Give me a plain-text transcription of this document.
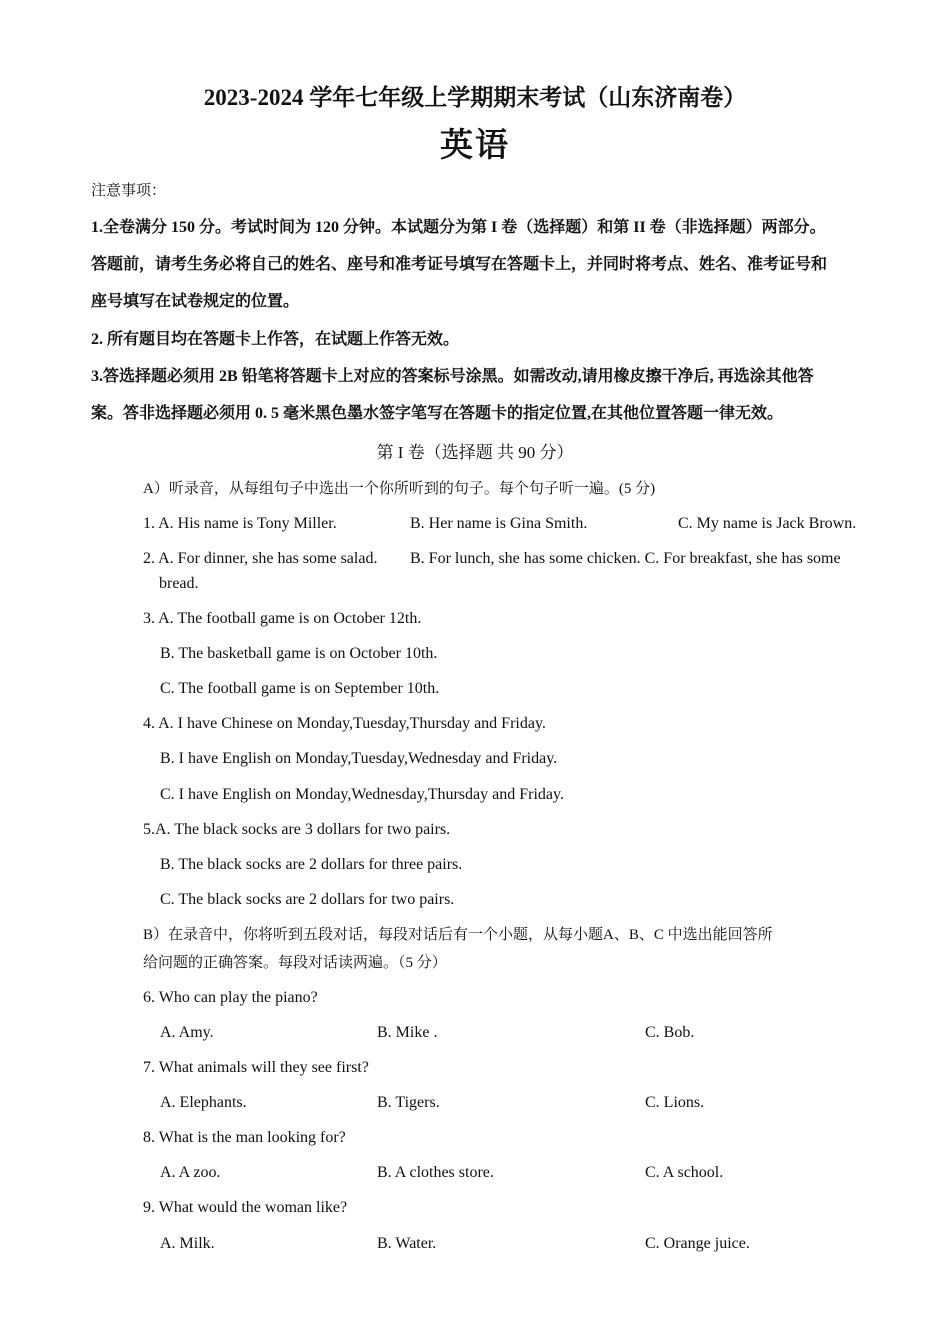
2023-2024 学年七年级上学期期末考试（山东济南卷）
英语
注意事项：
1.全卷满分 150 分。考试时间为 120 分钟。本试题分为第 I 卷（选择题）和第 II 卷（非选择题）两部分。
答题前，请考生务必将自己的姓名、座号和准考证号填写在答题卡上，并同时将考点、姓名、准考证号和
座号填写在试卷规定的位置。
2. 所有题目均在答题卡上作答，在试题上作答无效。
3.答选择题必须用 2B 铅笔将答题卡上对应的答案标号涂黑。如需改动,请用橡皮擦干净后, 再选涂其他答
案。答非选择题必须用 0. 5 毫米黑色墨水签字笔写在答题卡的指定位置,在其他位置答题一律无效。
第 I 卷（选择题 共 90 分）
A）听录音，从每组句子中选出一个你所听到的句子。每个句子听一遍。(5 分)
1. A. His name is Tony Miller.	B. Her name is Gina Smith.	C. My name is Jack Brown.
2. A. For dinner, she has some salad. B. For lunch, she has some chicken. C. For breakfast, she has some
bread.
3. A. The football game is on October 12th.
B. The basketball game is on October 10th.
C. The football game is on September 10th.
4. A. I have Chinese on Monday,Tuesday,Thursday and Friday.
B. I have English on Monday,Tuesday,Wednesday and Friday.
C. I have English on Monday,Wednesday,Thursday and Friday.
5.A. The black socks are 3 dollars for two pairs.
B. The black socks are 2 dollars for three pairs.
C. The black socks are 2 dollars for two pairs.
B）在录音中，你将听到五段对话，每段对话后有一个小题，从每小题A、B、C 中选出能回答所
给问题的正确答案。每段对话读两遍。（5 分）
6. Who can play the piano?
A. Amy.	B. Mike .	C. Bob.
7. What animals will they see first?
A. Elephants.	B. Tigers.	C. Lions.
8. What is the man looking for?
A. A zoo.	B. A clothes store.	C. A school.
9. What would the woman like?
A. Milk.	B. Water.	C. Orange juice.
